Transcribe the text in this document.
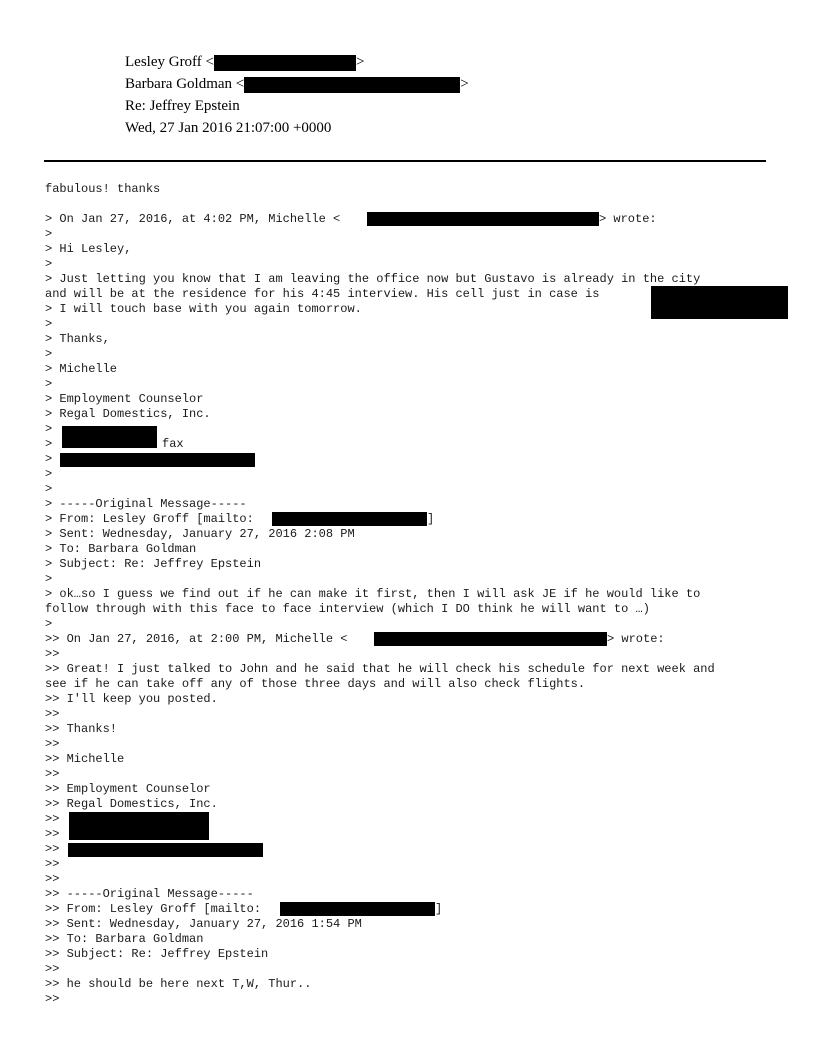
Lesley Groff <	>
Barbara Goldman <	>
Re: Jeffrey Epstein
Wed, 27 Jan 2016 21:07:00 +0000
fabulous! thanks
> On Jan 27, 2016, at 4:02 PM, Michelle <	> wrote:
>
> Hi Lesley,
>
> Just letting you know that I am leaving the office now but Gustavo is already in the city
and will be at the residence for his 4:45 interview. His cell just in case is
> I will touch base with you again tomorrow.
>
> Thanks,
>
> Michelle
>
> Employment Counselor
> Regal Domestics, Inc.
>
>	fax
>
>
>
> -----Original Message-----
> From: Lesley Groff [mailto:	]
> Sent: Wednesday, January 27, 2016 2:08 PM
> To: Barbara Goldman
> Subject: Re: Jeffrey Epstein
>
> ok…so I guess we find out if he can make it first, then I will ask JE if he would like to
follow through with this face to face interview (which I DO think he will want to …)
>
>> On Jan 27, 2016, at 2:00 PM, Michelle <	> wrote:
>>
>> Great! I just talked to John and he said that he will check his schedule for next week and
see if he can take off any of those three days and will also check flights.
>> I'll keep you posted.
>>
>> Thanks!
>>
>> Michelle
>>
>> Employment Counselor
>> Regal Domestics, Inc.
>>
>>
>>
>>
>>
>> -----Original Message-----
>> From: Lesley Groff [mailto:	]
>> Sent: Wednesday, January 27, 2016 1:54 PM
>> To: Barbara Goldman
>> Subject: Re: Jeffrey Epstein
>>
>> he should be here next T,W, Thur..
>>
